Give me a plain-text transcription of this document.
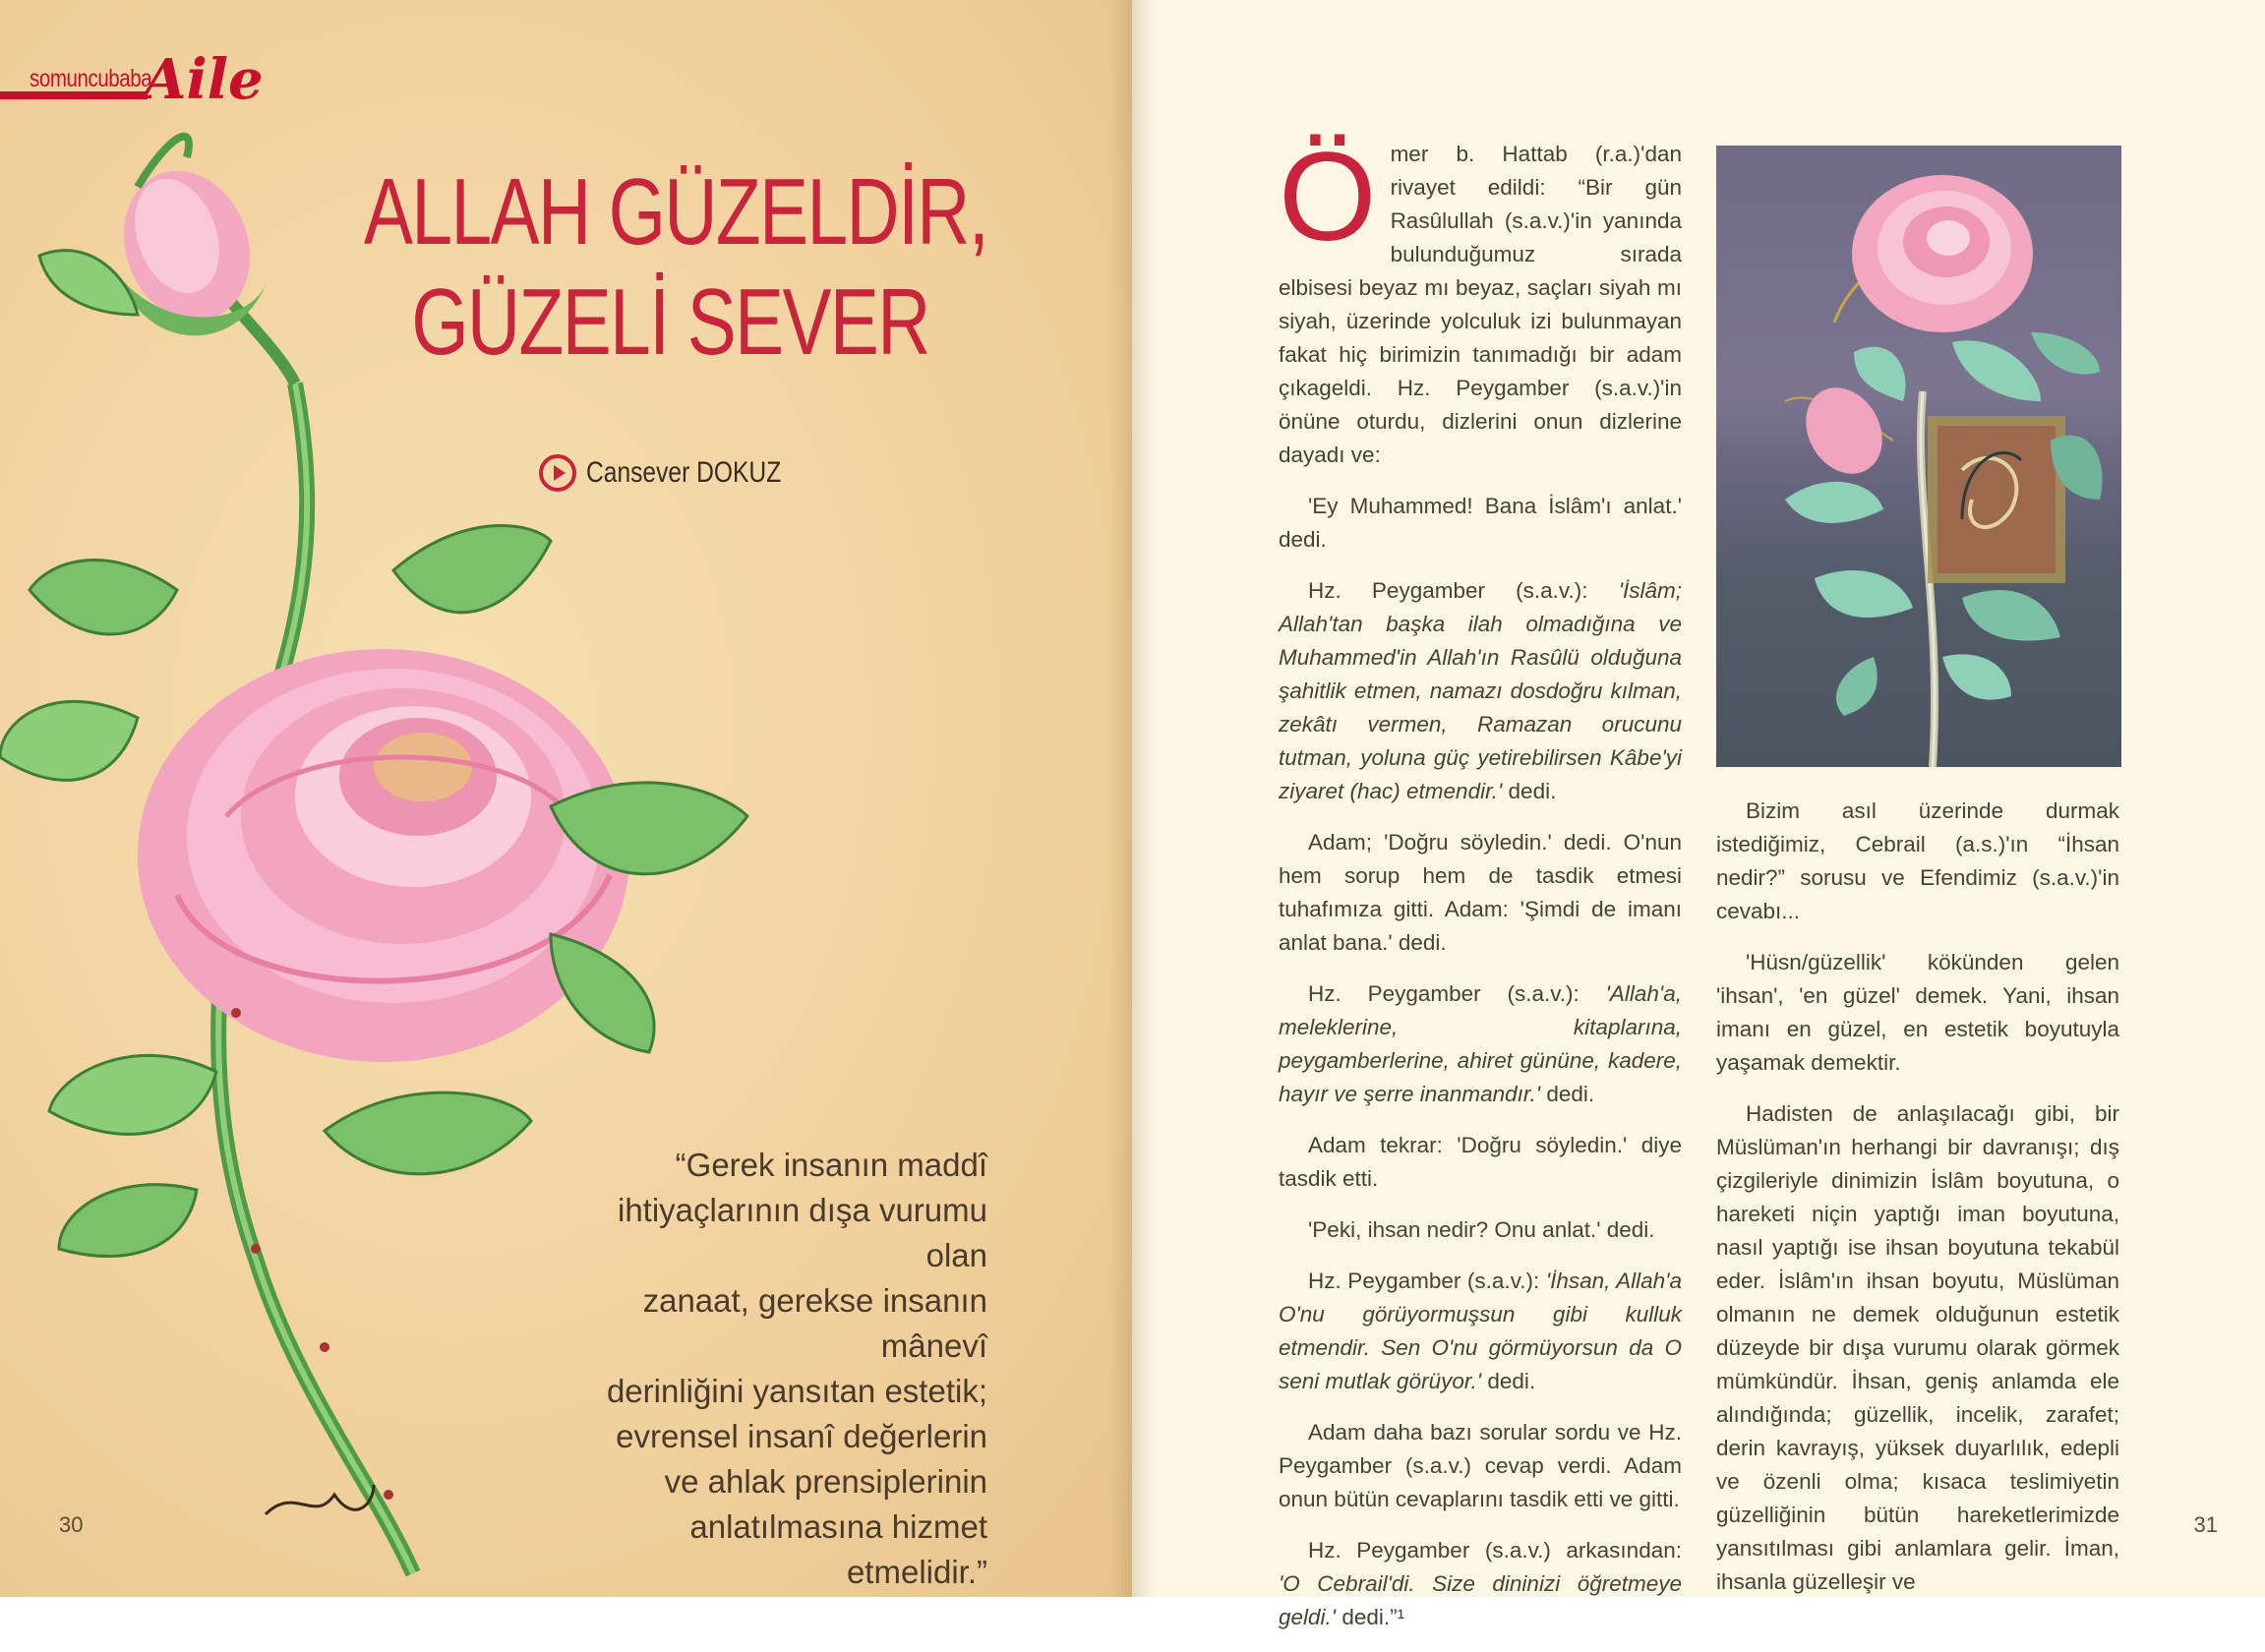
somuncubaba
Aile
ALLAH GÜZELDİR,
GÜZELİ SEVER
Cansever DOKUZ

“Gerek insanın maddî

ihtiyaçlarının dışa vurumu olan

zanaat, gerekse insanın mânevî

derinliğini yansıtan estetik;

evrensel insanî değerlerin

ve ahlak prensiplerinin

anlatılmasına hizmet etmelidir.”

30	31

Ömer b. Hattab (r.a.)'dan rivayet edildi: “Bir gün Rasûlullah (s.a.v.)'in yanında bulunduğumuz sırada elbisesi beyaz mı beyaz, saçları siyah mı siyah, üzerinde yolculuk izi bulunmayan fakat hiç birimizin tanımadığı bir adam çıkageldi. Hz. Peygamber (s.a.v.)'in önüne oturdu, dizlerini onun dizlerine dayadı ve:

'Ey Muhammed! Bana İslâm'ı anlat.' dedi.

Hz. Peygamber (s.a.v.): 'İslâm; Allah'tan başka ilah olmadığına ve Muhammed'in Allah'ın Rasûlü olduğuna şahitlik etmen, namazı dosdoğru kılman, zekâtı vermen, Ramazan orucunu tutman, yoluna güç yetirebilirsen Kâbe'yi ziyaret (hac) etmendir.' dedi.

Adam; 'Doğru söyledin.' dedi. O'nun hem sorup hem de tasdik etmesi tuhafımıza gitti. Adam: 'Şimdi de imanı anlat bana.' dedi.

Hz. Peygamber (s.a.v.): 'Allah'a, meleklerine, kitaplarına, peygamberlerine, ahiret gününe, kadere, hayır ve şerre inanmandır.' dedi.

Adam tekrar: 'Doğru söyledin.' diye tasdik etti.

'Peki, ihsan nedir? Onu anlat.' dedi.

Hz. Peygamber (s.a.v.): 'İhsan, Allah'a O'nu görüyormuşsun gibi kulluk etmendir. Sen O'nu görmüyorsun da O seni mutlak görüyor.' dedi.

Adam daha bazı sorular sordu ve Hz. Peygamber (s.a.v.) cevap verdi. Adam onun bütün cevaplarını tasdik etti ve gitti.

Hz. Peygamber (s.a.v.) arkasından: 'O Cebrail'di. Size dininizi öğretmeye geldi.' dedi.”¹

Bizim asıl üzerinde durmak istediğimiz, Cebrail (a.s.)'ın “İhsan nedir?” sorusu ve Efendimiz (s.a.v.)'in cevabı...

'Hüsn/güzellik' kökünden gelen 'ihsan', 'en güzel' demek. Yani, ihsan imanı en güzel, en estetik boyutuyla yaşamak demektir.

Hadisten de anlaşılacağı gibi, bir Müslüman'ın herhangi bir davranışı; dış çizgileriyle dinimizin İslâm boyutuna, o hareketi niçin yaptığı iman boyutuna, nasıl yaptığı ise ihsan boyutuna tekabül eder. İslâm'ın ihsan boyutu, Müslüman olmanın ne demek olduğunun estetik düzeyde bir dışa vurumu olarak görmek mümkündür. İhsan, geniş anlamda ele alındığında; güzellik, incelik, zarafet; derin kavrayış, yüksek duyarlılık, edepli ve özenli olma; kısaca teslimiyetin güzelliğinin bütün hareketlerimizde yansıtılması gibi anlamlara gelir. İman, ihsanla güzelleşir ve
